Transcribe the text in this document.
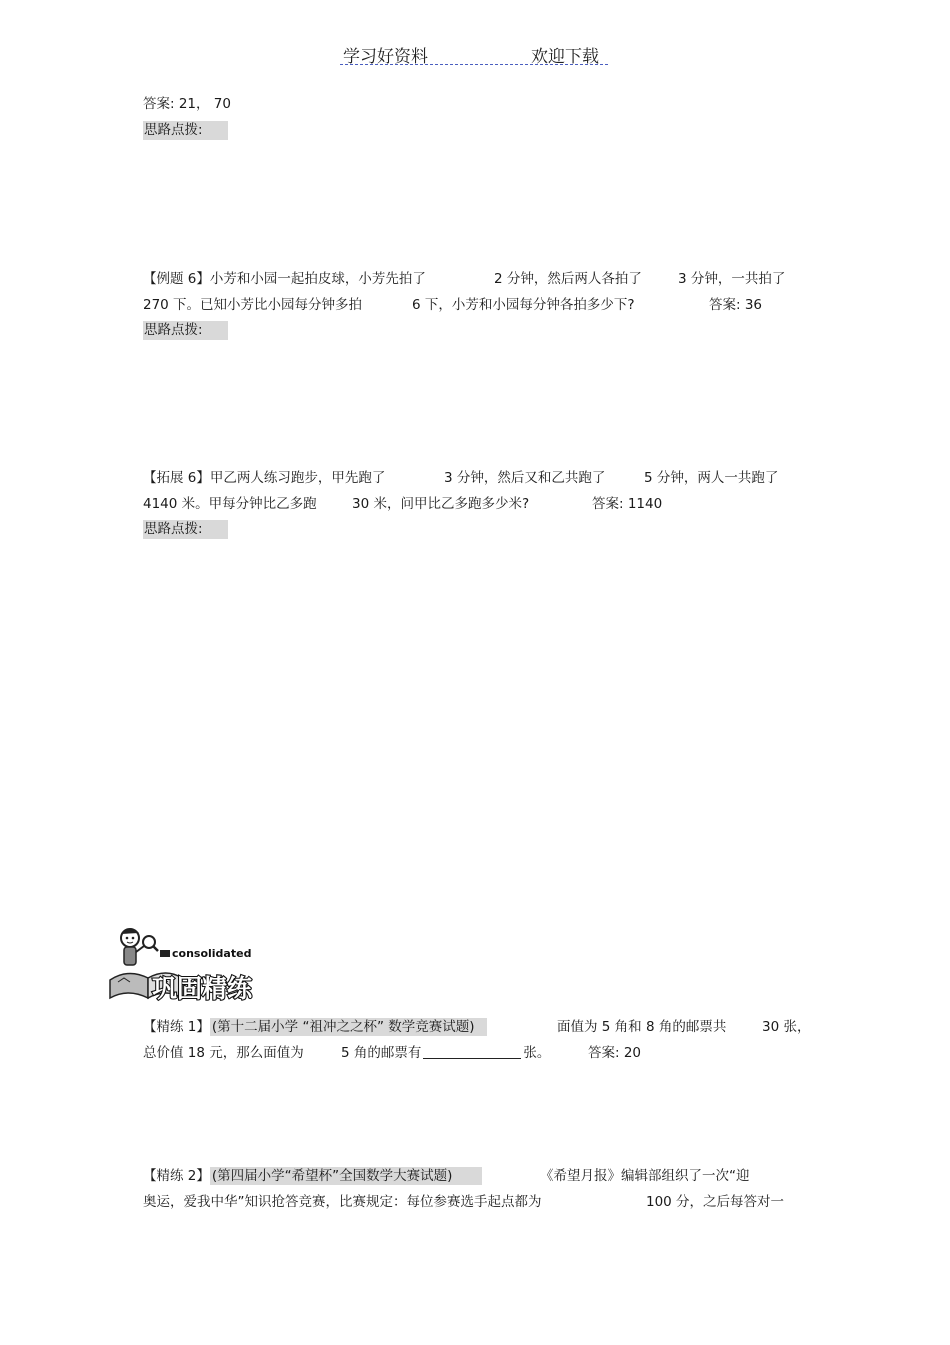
学习好资料	欢迎下载
答案: 21， 70
思路点拨:
【例题 6】小芳和小园一起拍皮球，小芳先拍了	2 分钟，然后两人各拍了	3 分钟，一共拍了
270 下。已知小芳比小园每分钟多拍	6 下，小芳和小园每分钟各拍多少下?	答案: 36
思路点拨:
【拓展 6】甲乙两人练习跑步，甲先跑了	3 分钟，然后又和乙共跑了	5 分钟，两人一共跑了
4140 米。甲每分钟比乙多跑	30 米，问甲比乙多跑多少米?	答案: 1140
思路点拨:
consolidated
巩固精练
【精练 1】 (第十二届小学 “祖冲之之杯” 数学竞赛试题)	面值为 5 角和 8 角的邮票共	30 张，
总价值 18 元，那么面值为	5 角的邮票有	张。	答案: 20
【精练 2】 (第四届小学“希望杯”全国数学大赛试题)	《希望月报》编辑部组织了一次“迎
奥运，爱我中华”知识抢答竞赛，比赛规定：每位参赛选手起点都为	100 分，之后每答对一
